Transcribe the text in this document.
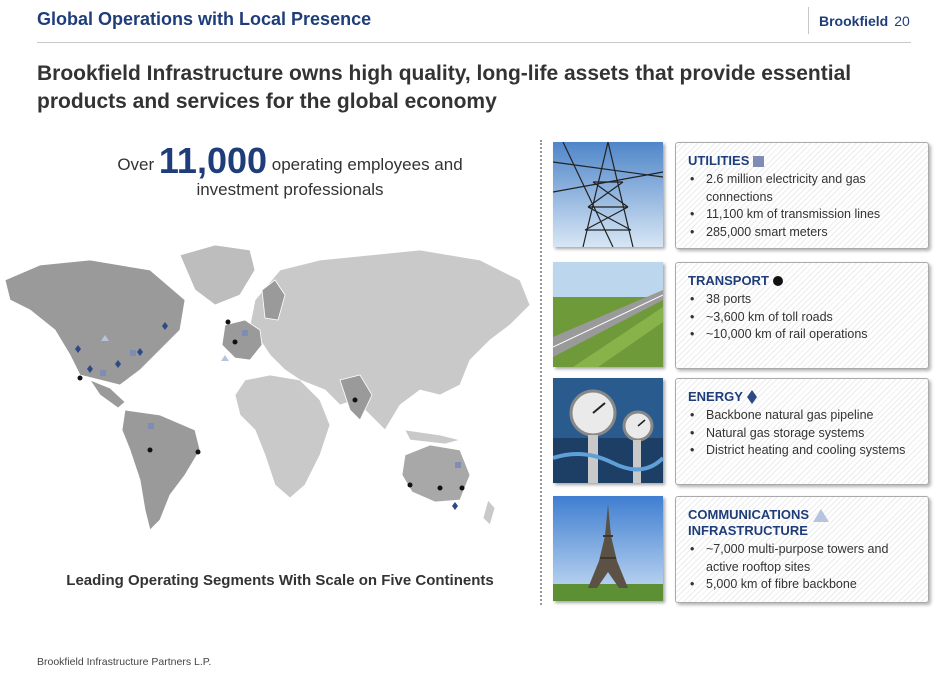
Global Operations with Local Presence	Brookfield 20
Brookfield Infrastructure owns high quality, long-life assets that provide essential products and services for the global economy
Over 11,000 operating employees and
investment professionals
Leading Operating Segments With Scale on Five Continents
UTILITIES
• 2.6 million electricity and gas connections
• 11,100 km of transmission lines
• 285,000 smart meters
TRANSPORT
• 38 ports
• ~3,600 km of toll roads
• ~10,000 km of rail operations
ENERGY
• Backbone natural gas pipeline
• Natural gas storage systems
• District heating and cooling systems
COMMUNICATIONS
INFRASTRUCTURE
• ~7,000 multi-purpose towers and active rooftop sites
• 5,000 km of fibre backbone
Brookfield Infrastructure Partners L.P.
